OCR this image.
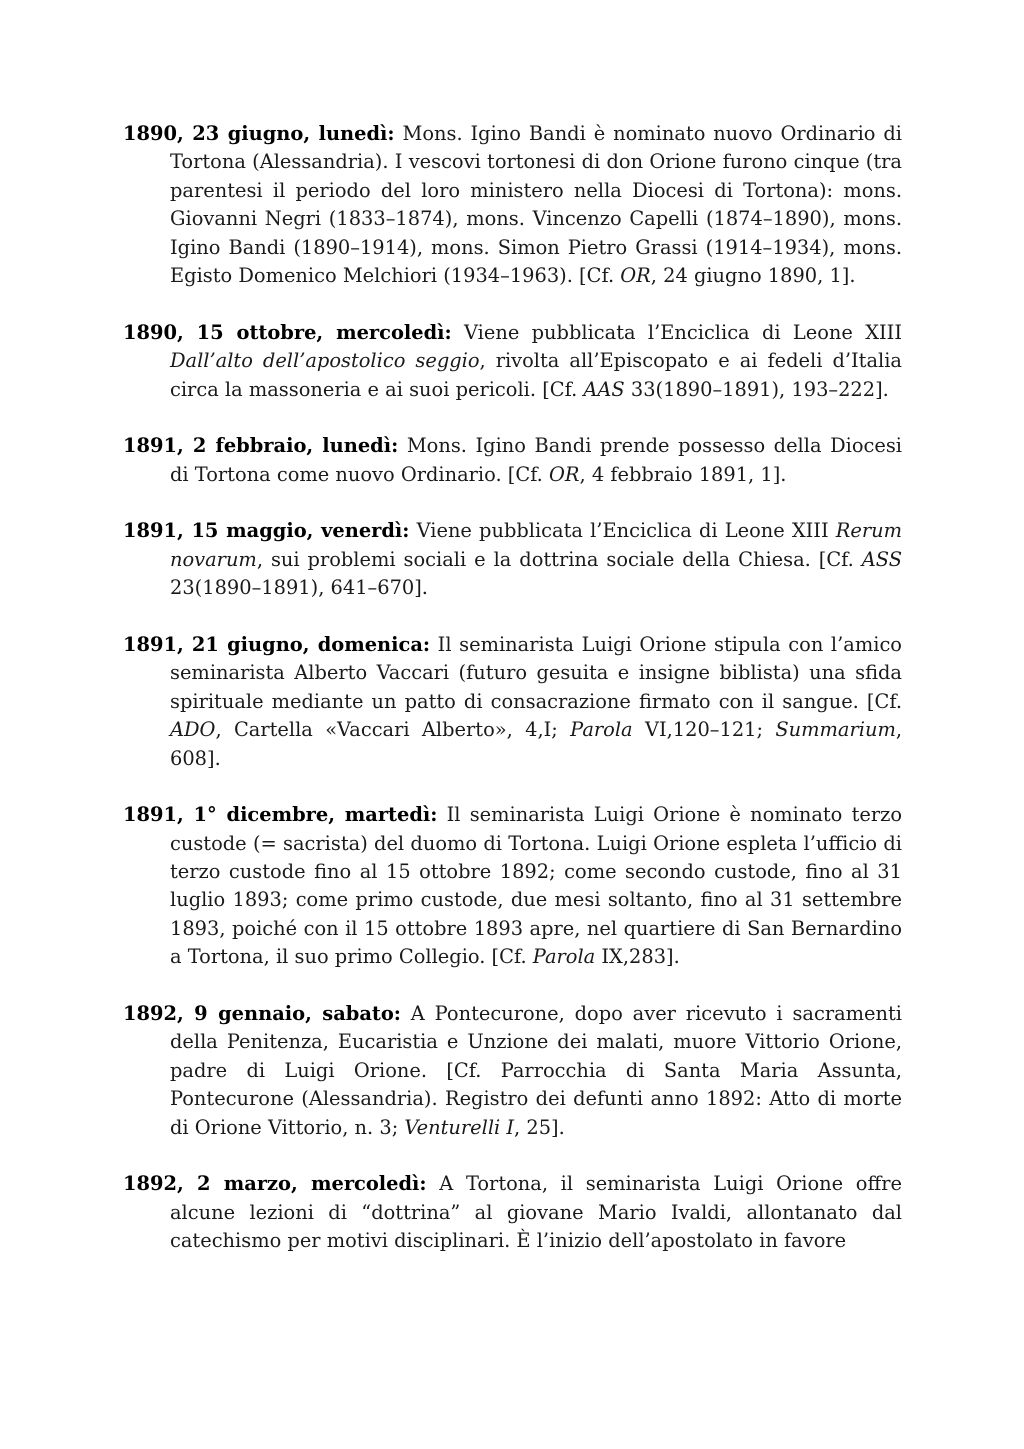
1890, 23 giugno, lunedì: Mons. Igino Bandi è nominato nuovo Ordinario di Tortona (Alessandria). I vescovi tortonesi di don Orione furono cinque (tra parentesi il periodo del loro ministero nella Diocesi di Tortona): mons. Giovanni Negri (1833–1874), mons. Vincenzo Capelli (1874–1890), mons. Igino Bandi (1890–1914), mons. Simon Pietro Grassi (1914–1934), mons. Egisto Domenico Melchiori (1934–1963). [Cf. OR, 24 giugno 1890, 1].

1890, 15 ottobre, mercoledì: Viene pubblicata l’Enciclica di Leone XIII Dall’alto dell’apostolico seggio, rivolta all’Episcopato e ai fedeli d’Italia circa la massoneria e ai suoi pericoli. [Cf. AAS 33(1890–1891), 193–222].

1891, 2 febbraio, lunedì: Mons. Igino Bandi prende possesso della Diocesi di Tortona come nuovo Ordinario. [Cf. OR, 4 febbraio 1891, 1].

1891, 15 maggio, venerdì: Viene pubblicata l’Enciclica di Leone XIII Rerum novarum, sui problemi sociali e la dottrina sociale della Chiesa. [Cf. ASS 23(1890–1891), 641–670].

1891, 21 giugno, domenica: Il seminarista Luigi Orione stipula con l’amico seminarista Alberto Vaccari (futuro gesuita e insigne biblista) una sfida spirituale mediante un patto di consacrazione firmato con il sangue. [Cf. ADO, Cartella «Vaccari Alberto», 4,I; Parola VI,120–121; Summarium, 608].

1891, 1° dicembre, martedì: Il seminarista Luigi Orione è nominato terzo custode (= sacrista) del duomo di Tortona. Luigi Orione espleta l’ufficio di terzo custode fino al 15 ottobre 1892; come secondo custode, fino al 31 luglio 1893; come primo custode, due mesi soltanto, fino al 31 settembre 1893, poiché con il 15 ottobre 1893 apre, nel quartiere di San Bernardino a Tortona, il suo primo Collegio. [Cf. Parola IX,283].

1892, 9 gennaio, sabato: A Pontecurone, dopo aver ricevuto i sacramenti della Penitenza, Eucaristia e Unzione dei malati, muore Vittorio Orione, padre di Luigi Orione. [Cf. Parrocchia di Santa Maria Assunta, Pontecurone (Alessandria). Registro dei defunti anno 1892: Atto di morte di Orione Vittorio, n. 3; Venturelli I, 25].

1892, 2 marzo, mercoledì: A Tortona, il seminarista Luigi Orione offre alcune lezioni di “dottrina” al giovane Mario Ivaldi, allontanato dal catechismo per motivi disciplinari. È l’inizio dell’apostolato in favore
